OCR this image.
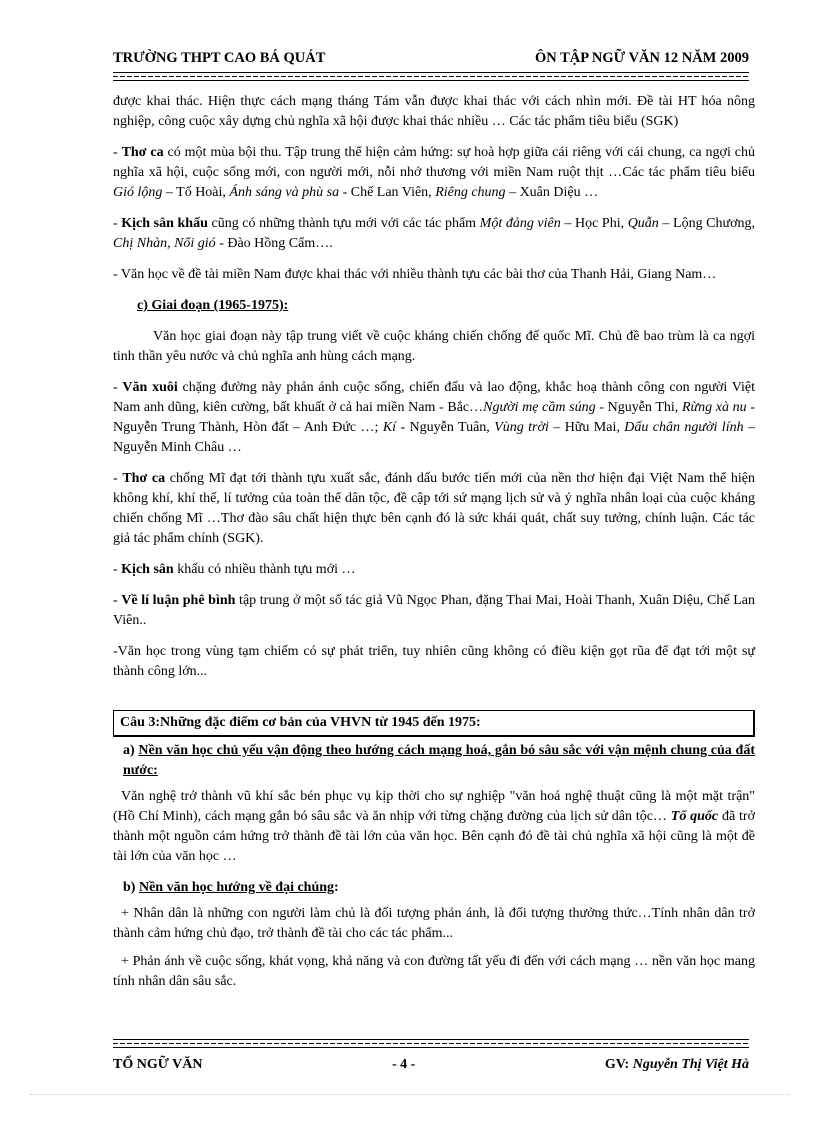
TRƯỜNG THPT CAO BÁ QUÁT	ÔN TẬP NGỮ VĂN 12 NĂM 2009

được khai thác. Hiện thực cách mạng tháng Tám vẫn được khai thác với cách nhìn mới. Đề tài HT hóa nông nghiệp, công cuộc xây dựng chủ nghĩa xã hội được khai thác nhiều … Các tác phẩm tiêu biểu (SGK)

- Thơ ca có một mùa bội thu. Tập trung thể hiện cảm hứng: sự hoà hợp giữa cái riêng với cái chung, ca ngợi chủ nghĩa xã hội, cuộc sống mới, con người mới, nỗi nhớ thương với miền Nam ruột thịt …Các tác phẩm tiêu biểu Gió lộng – Tố Hoài, Ánh sáng và phù sa - Chế Lan Viên, Riêng chung – Xuân Diệu …

- Kịch sân khấu cũng có những thành tựu mới với các tác phẩm Một đảng viên – Học Phi, Quẫn – Lộng Chương, Chị Nhàn, Nổi gió - Đào Hồng Cẩm….

- Văn học về đề tài miền Nam được khai thác với nhiều thành tựu các bài thơ của Thanh Hải, Giang Nam…

c) Giai đoạn (1965-1975):

Văn học giai đoạn này tập trung viết về cuộc kháng chiến chống đế quốc Mĩ. Chủ đề bao trùm là ca ngợi tinh thần yêu nước và chủ nghĩa anh hùng cách mạng.

- Văn xuôi chặng đường này phản ánh cuộc sống, chiến đấu và lao động, khắc hoạ thành công con người Việt Nam anh dũng, kiên cường, bất khuất ở cả hai miền Nam - Bắc…Người mẹ cầm súng - Nguyễn Thi, Rừng xà nu - Nguyễn Trung Thành, Hòn đất – Anh Đức …; Kí - Nguyễn Tuân, Vùng trời – Hữu Mai, Dấu chân người lính – Nguyễn Minh Châu …

- Thơ ca chống Mĩ đạt tới thành tựu xuất sắc, đánh dấu bước tiến mới của nền thơ hiện đại Việt Nam thể hiện không khí, khí thế, lí tưởng của toàn thể dân tộc, đề cập tới sứ mạng lịch sử và ý nghĩa nhân loại của cuộc kháng chiến chống Mĩ …Thơ đào sâu chất hiện thực bên cạnh đó là sức khái quát, chất suy tưởng, chính luận. Các tác giả tác phẩm chính (SGK).

- Kịch sân khấu có nhiều thành tựu mới …

- Về lí luận phê bình tập trung ở một số tác giả Vũ Ngọc Phan, đặng Thai Mai, Hoài Thanh, Xuân Diệu, Chế Lan Viên..

-Văn học trong vùng tạm chiếm có sự phát triển, tuy nhiên cũng không có điều kiện gọt rũa để đạt tới một sự thành công lớn...

Câu 3:Những đặc điểm cơ bản của VHVN từ 1945 đến 1975:

a) Nền văn học chủ yếu vận động theo hướng cách mạng hoá, gắn bó sâu sắc với vận mệnh chung của đất nước:

Văn nghệ trở thành vũ khí sắc bén phục vụ kịp thời cho sự nghiệp "văn hoá nghệ thuật cũng là một mặt trận" (Hồ Chí Minh), cách mạng gắn bó sâu sắc và ăn nhịp với từng chặng đường của lịch sử dân tộc… Tổ quốc đã trở thành một nguồn cảm hứng trở thành đề tài lớn của văn học. Bên cạnh đó đề tài chủ nghĩa xã hội cũng là một đề tài lớn của văn học …

b) Nền văn học hướng về đại chúng:

+ Nhân dân là những con người làm chủ là đối tượng phản ánh, là đối tượng thưởng thức…Tính nhân dân trở thành cảm hứng chủ đạo, trở thành đề tài cho các tác phẩm...

+ Phản ánh về cuộc sống, khát vọng, khả năng và con đường tất yếu đi đến với cách mạng … nền văn học mang tính nhân dân sâu sắc.

TỔ NGỮ VĂN	- 4 -	GV: Nguyễn Thị Việt Hà
